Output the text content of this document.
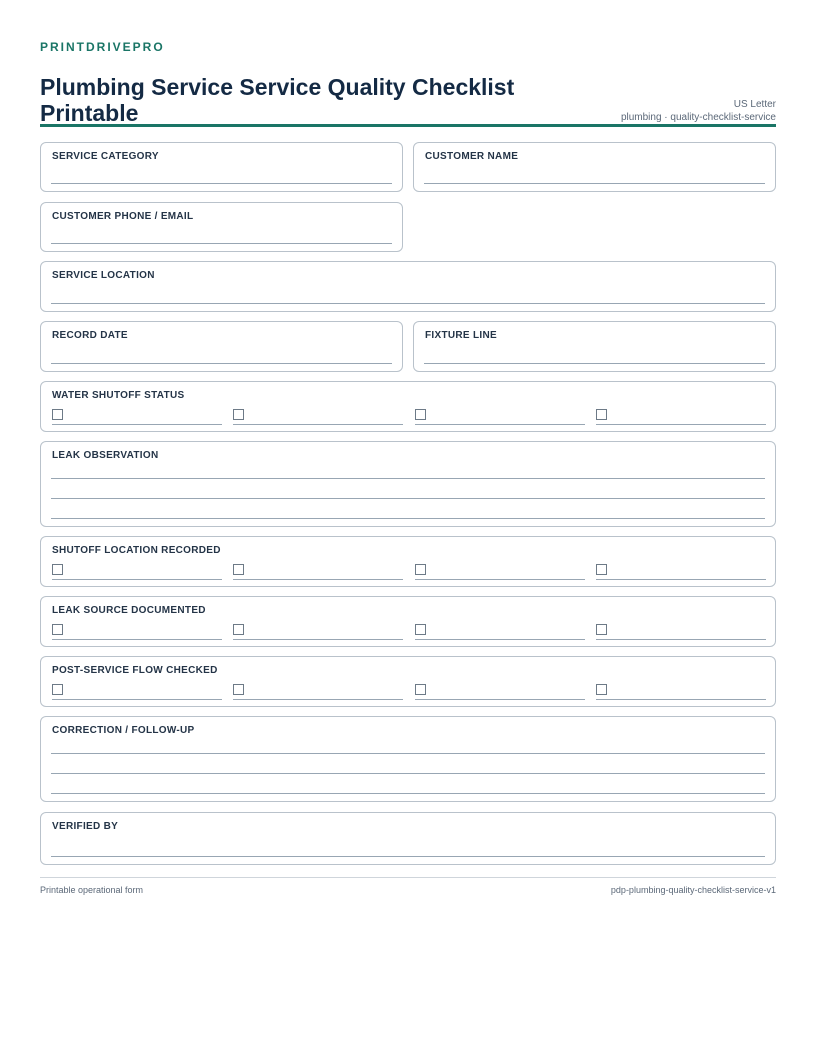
PRINTDRIVEPRO
Plumbing Service Service Quality Checklist Printable	US Letter
plumbing · quality-checklist-service
SERVICE CATEGORY	CUSTOMER NAME
CUSTOMER PHONE / EMAIL
SERVICE LOCATION
RECORD DATE	FIXTURE LINE
WATER SHUTOFF STATUS
LEAK OBSERVATION
SHUTOFF LOCATION RECORDED
LEAK SOURCE DOCUMENTED
POST-SERVICE FLOW CHECKED
CORRECTION / FOLLOW-UP
VERIFIED BY
Printable operational form	pdp-plumbing-quality-checklist-service-v1
